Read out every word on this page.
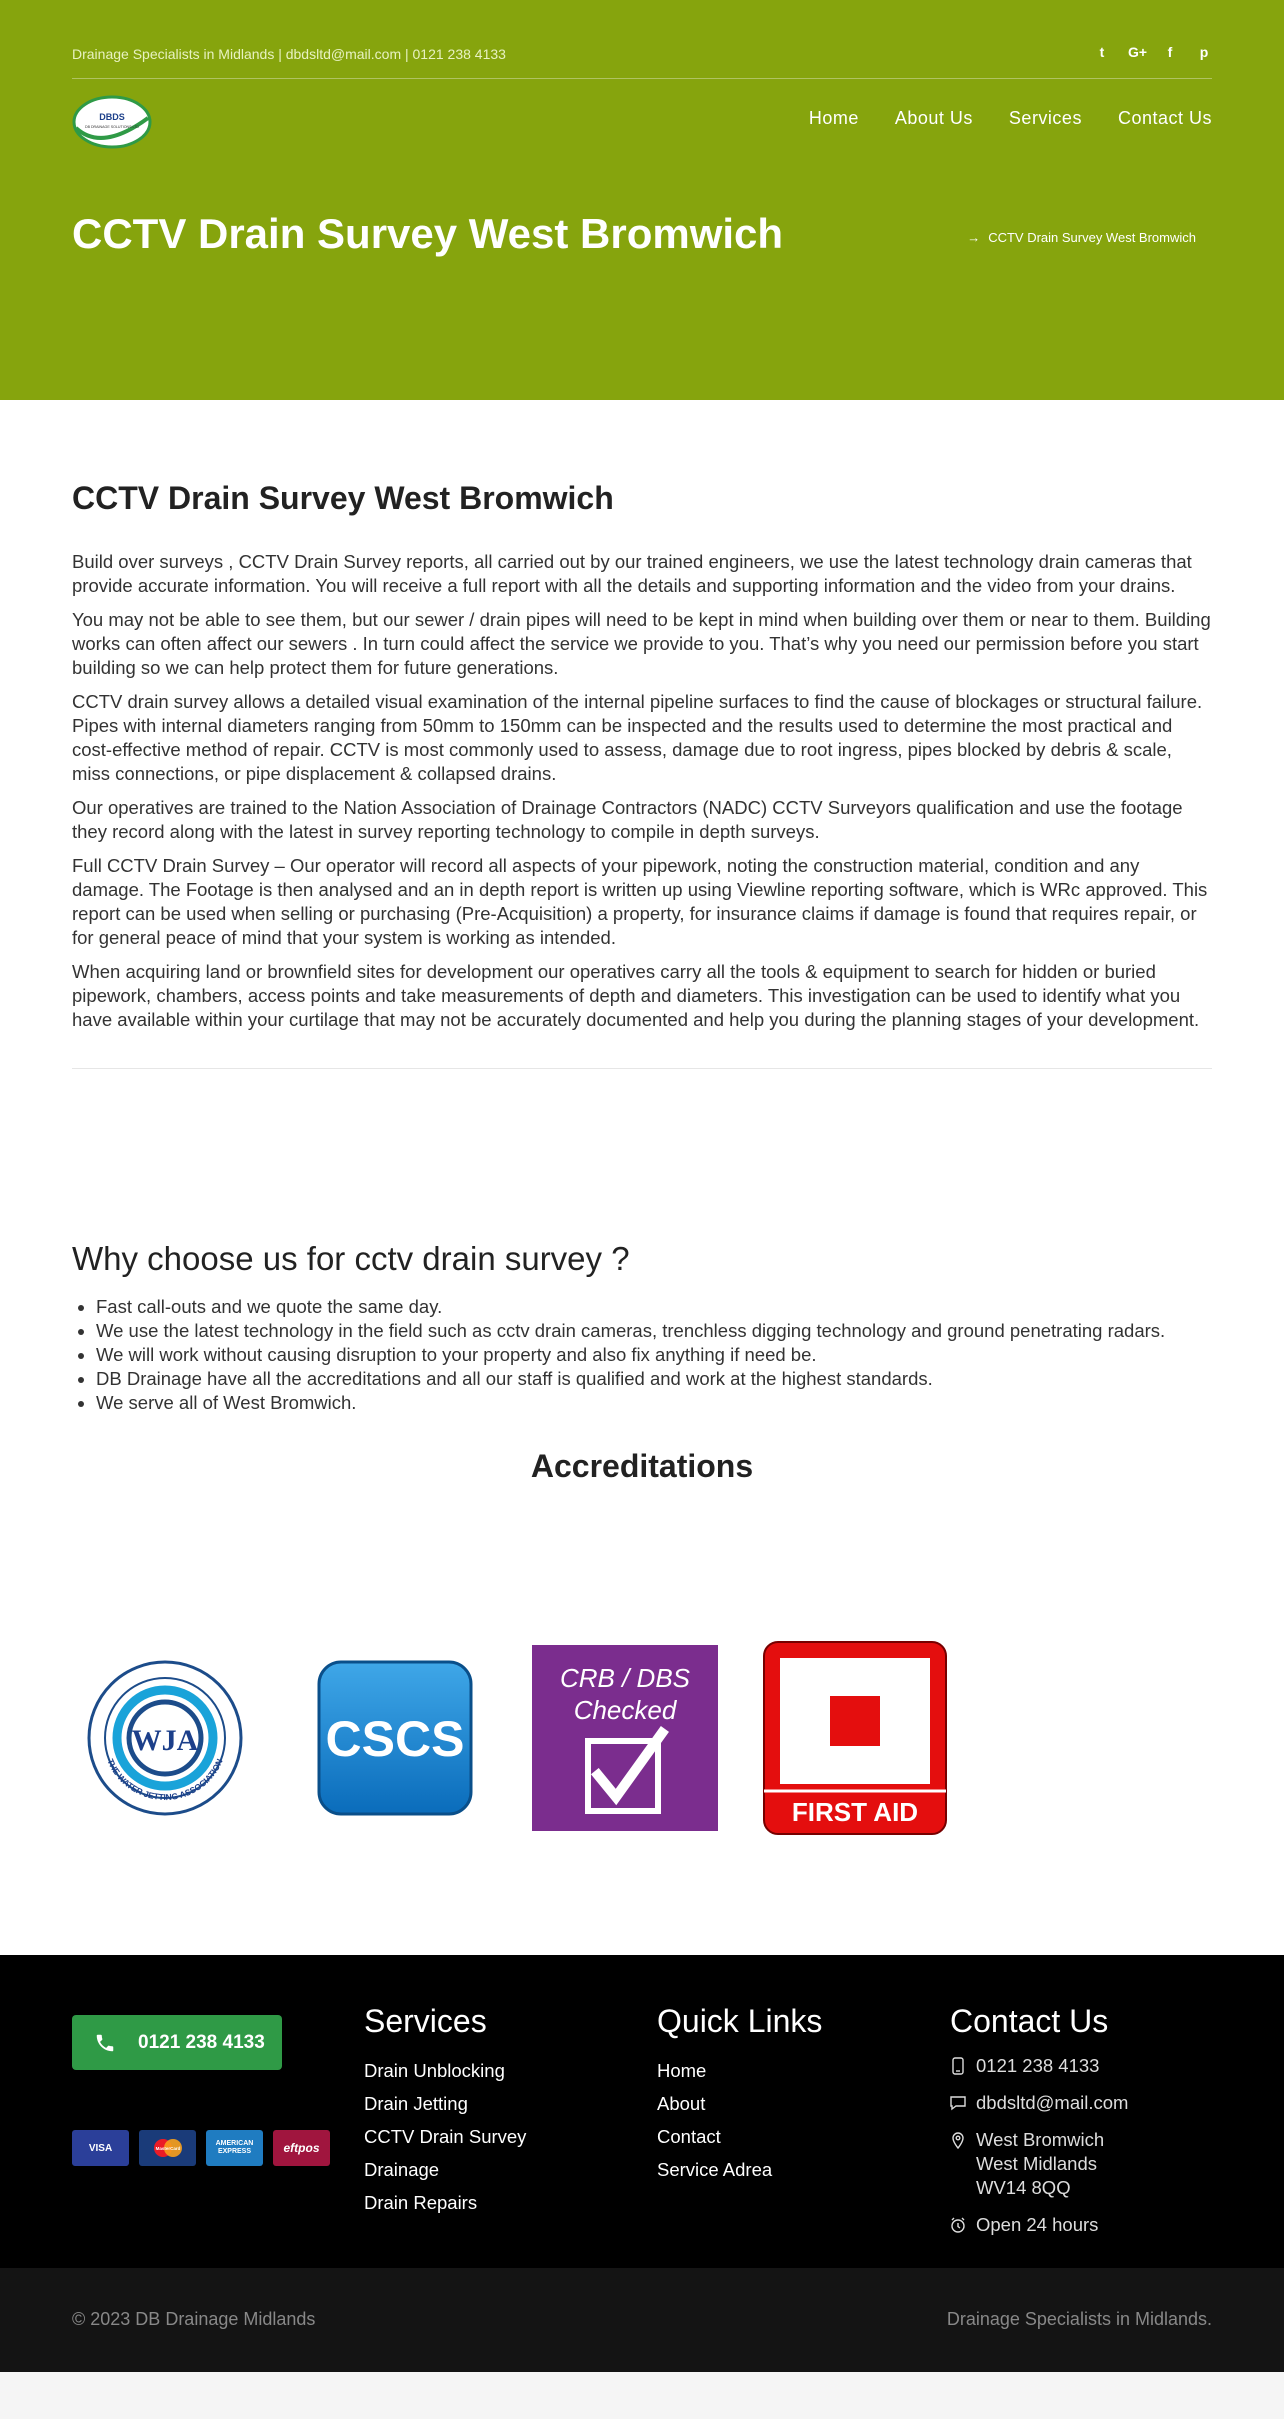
Drainage Specialists in Midlands | dbdsltd@mail.com | 0121 238 4133	t	G+	f	p
DBDS
DB DRAINAGE SOLUTIONS LTD	Home About Us Services Contact Us
CCTV Drain Survey West Bromwich	→ CCTV Drain Survey West Bromwich
CCTV Drain Survey West Bromwich

Build over surveys , CCTV Drain Survey reports, all carried out by our trained engineers, we use the latest technology drain cameras that provide accurate information. You will receive a full report with all the details and supporting information and the video from your drains.

You may not be able to see them, but our sewer / drain pipes will need to be kept in mind when building over them or near to them. Building works can often affect our sewers . In turn could affect the service we provide to you. That’s why you need our permission before you start building so we can help protect them for future generations.

CCTV drain survey allows a detailed visual examination of the internal pipeline surfaces to find the cause of blockages or structural failure. Pipes with internal diameters ranging from 50mm to 150mm can be inspected and the results used to determine the most practical and cost-effective method of repair. CCTV is most commonly used to assess, damage due to root ingress, pipes blocked by debris & scale, miss connections, or pipe displacement & collapsed drains.

Our operatives are trained to the Nation Association of Drainage Contractors (NADC) CCTV Surveyors qualification and use the footage they record along with the latest in survey reporting technology to compile in depth surveys.

Full CCTV Drain Survey – Our operator will record all aspects of your pipework, noting the construction material, condition and any damage. The Footage is then analysed and an in depth report is written up using Viewline reporting software, which is WRc approved. This report can be used when selling or purchasing (Pre-Acquisition) a property, for insurance claims if damage is found that requires repair, or for general peace of mind that your system is working as intended.

When acquiring land or brownfield sites for development our operatives carry all the tools & equipment to search for hidden or buried pipework, chambers, access points and take measurements of depth and diameters. This investigation can be used to identify what you have available within your curtilage that may not be accurately documented and help you during the planning stages of your development.

Why choose us for cctv drain survey ?
• Fast call-outs and we quote the same day.
• We use the latest technology in the field such as cctv drain cameras, trenchless digging technology and ground penetrating radars.
• We will work without causing disruption to your property and also fix anything if need be.
• DB Drainage have all the accreditations and all our staff is qualified and work at the highest standards.
• We serve all of West Bromwich.
Accreditations
WJA
THE WATER JETTING ASSOCIATION CSCS
CRB / DBS
Checked
FIRST AID
0121 238 4133
VISA	MasterCard
AMERICAN EXPRESS	eftpos
Services
Drain Unblocking
Drain Jetting
CCTV Drain Survey
Drainage
Drain Repairs
Quick Links
Home
About
Contact
Service Adrea
Contact Us
0121 238 4133
dbdsltd@mail.com
West Bromwich
West Midlands
WV14 8QQ
Open 24 hours
© 2023 DB Drainage Midlands	Drainage Specialists in Midlands.
